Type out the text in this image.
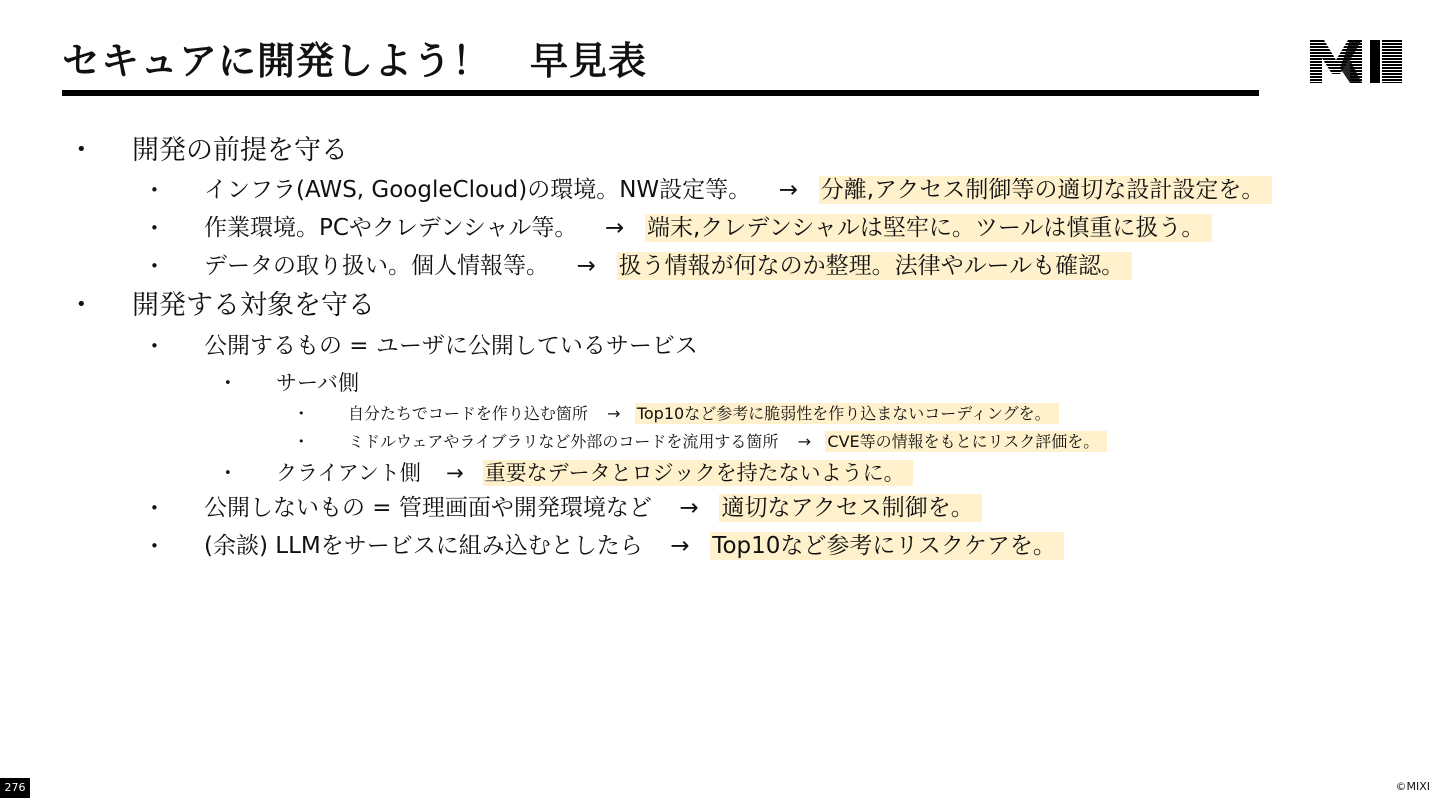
セキュアに開発しよう！　早見表
• 開発の前提を守る
• インフラ(AWS, GoogleCloud)の環境。NW設定等。 → 分離,アクセス制御等の適切な設計設定を。
• 作業環境。PCやクレデンシャル等。 → 端末,クレデンシャルは堅牢に。ツールは慎重に扱う。
• データの取り扱い。個人情報等。 → 扱う情報が何なのか整理。法律やルールも確認。
• 開発する対象を守る
• 公開するもの = ユーザに公開しているサービス
• サーバ側
•	自分たちでコードを作り込む箇所 → Top10など参考に脆弱性を作り込まないコーディングを。
•	ミドルウェアやライブラリなど外部のコードを流用する箇所 → CVE等の情報をもとにリスク評価を。
• クライアント側 → 重要なデータとロジックを持たないように。
• 公開しないもの = 管理画面や開発環境など → 適切なアクセス制御を。
• (余談) LLMをサービスに組み込むとしたら → Top10など参考にリスクケアを。
276	©MIXI
